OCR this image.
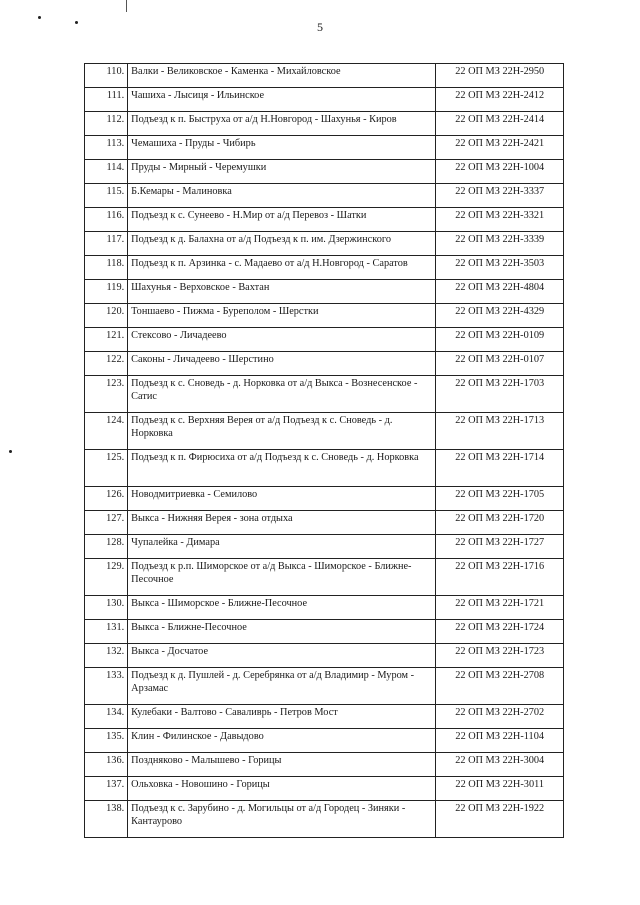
5
110.	Валки - Великовское - Каменка - Михайловское	22 ОП МЗ 22Н-2950
111.	Чашиха - Лысиця - Ильинское	22 ОП МЗ 22Н-2412
112.	Подъезд к п. Быструха от а/д Н.Новгород - Шахунья - Киров	22 ОП МЗ 22Н-2414
113.	Чемашиха - Пруды - Чибирь	22 ОП МЗ 22Н-2421
114.	Пруды - Мирный - Черемушки	22 ОП МЗ 22Н-1004
115.	Б.Кемары - Малиновка	22 ОП МЗ 22Н-3337
116.	Подъезд к с. Сунеево - Н.Мир от а/д Перевоз - Шатки	22 ОП МЗ 22Н-3321
117.	Подъезд к д. Балахна от а/д Подъезд к п. им. Дзержинского	22 ОП МЗ 22Н-3339
118.	Подъезд к п. Арзинка - с. Мадаево от а/д Н.Новгород - Саратов	22 ОП МЗ 22Н-3503
119.	Шахунья - Верховское - Вахтан	22 ОП МЗ 22Н-4804
120.	Тоншаево - Пижма - Буреполом - Шерстки	22 ОП МЗ 22Н-4329
121.	Стексово - Личадеево	22 ОП МЗ 22Н-0109
122.	Саконы - Личадеево - Шерстино	22 ОП МЗ 22Н-0107
123.	Подъезд к с. Сноведь - д. Норковка от а/д Выкса - Вознесенское - Сатис	22 ОП МЗ 22Н-1703
124.	Подъезд к с. Верхняя Верея от а/д Подъезд к с. Сноведь - д. Норковка	22 ОП МЗ 22Н-1713
125.	Подъезд к п. Фирюсиха от а/д Подъезд к с. Сноведь - д. Норковка	22 ОП МЗ 22Н-1714
126.	Новодмитриевка - Семилово	22 ОП МЗ 22Н-1705
127.	Выкса - Нижняя Верея - зона отдыха	22 ОП МЗ 22Н-1720
128.	Чупалейка - Димара	22 ОП МЗ 22Н-1727
129.	Подъезд к р.п. Шиморское от а/д Выкса - Шиморское - Ближне-Песочное	22 ОП МЗ 22Н-1716
130.	Выкса - Шиморское - Ближне-Песочное	22 ОП МЗ 22Н-1721
131.	Выкса - Ближне-Песочное	22 ОП МЗ 22Н-1724
132.	Выкса - Досчатое	22 ОП МЗ 22Н-1723
133.	Подъезд к д. Пушлей - д. Серебрянка от а/д Владимир - Муром - Арзамас	22 ОП МЗ 22Н-2708
134.	Кулебаки - Валтово - Саваливрь - Петров Мост	22 ОП МЗ 22Н-2702
135.	Клин - Филинское - Давыдово	22 ОП МЗ 22Н-1104
136.	Поздняково - Малышево - Горицы	22 ОП МЗ 22Н-3004
137.	Ольховка - Новошино - Горицы	22 ОП МЗ 22Н-3011
138.	Подъезд к с. Зарубино - д. Могильцы от а/д Городец - Зиняки - Кантаурово	22 ОП МЗ 22Н-1922
